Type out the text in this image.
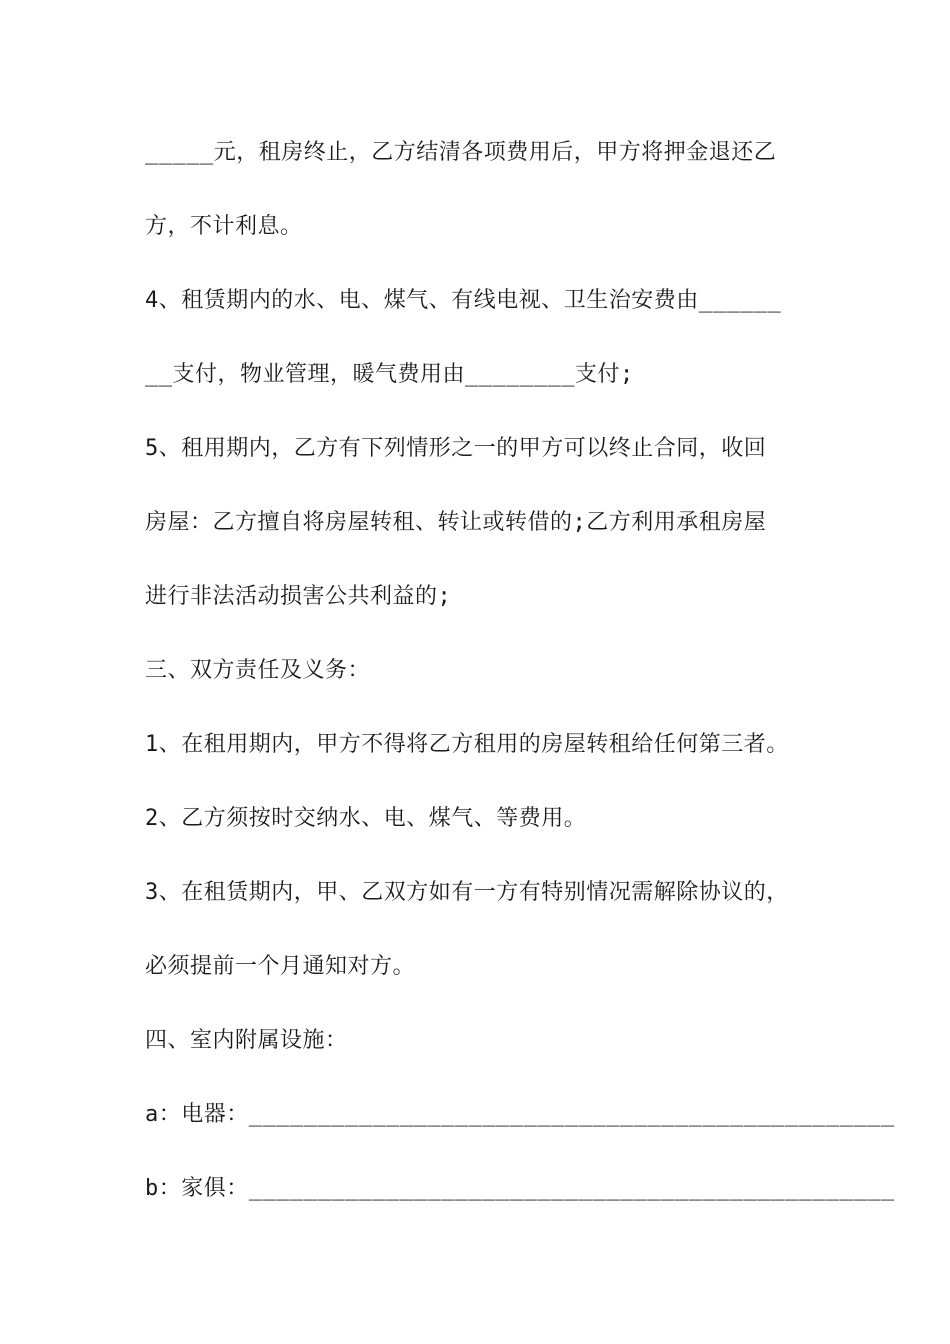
_____元，租房终止，乙方结清各项费用后，甲方将押金退还乙
方，不计利息。
4、租赁期内的水、电、煤气、有线电视、卫生治安费由______
__支付，物业管理，暖气费用由________支付;
5、租用期内，乙方有下列情形之一的甲方可以终止合同，收回
房屋：乙方擅自将房屋转租、转让或转借的;乙方利用承租房屋
进行非法活动损害公共利益的;
三、双方责任及义务：
1、在租用期内，甲方不得将乙方租用的房屋转租给任何第三者。
2、乙方须按时交纳水、电、煤气、等费用。
3、在租赁期内，甲、乙双方如有一方有特别情况需解除协议的，
必须提前一个月通知对方。
四、室内附属设施：
a：电器：_______________________________________________
b：家俱：_______________________________________________
